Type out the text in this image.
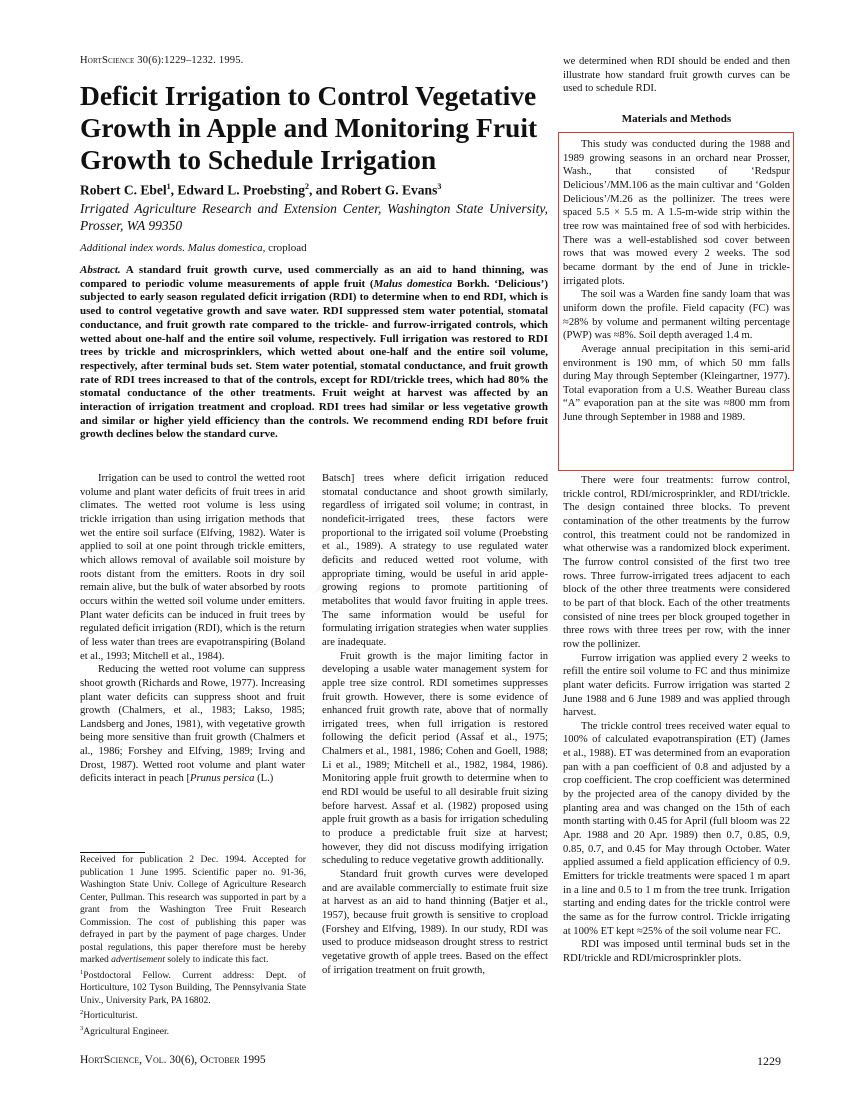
HortScience 30(6):1229–1232. 1995.
Deficit Irrigation to Control Vegetative Growth in Apple and Monitoring Fruit Growth to Schedule Irrigation
Robert C. Ebel$^1$, Edward L. Proebsting$^2$, and Robert G. Evans$^3$
Irrigated Agriculture Research and Extension Center, Washington State University, Prosser, WA 99350
Additional index words. Malus domestica, cropload
Abstract. A standard fruit growth curve, used commercially as an aid to hand thinning, was compared to periodic volume measurements of apple fruit (Malus domestica Borkh. ‘Delicious’) subjected to early season regulated deficit irrigation (RDI) to determine when to end RDI, which is used to control vegetative growth and save water. RDI suppressed stem water potential, stomatal conductance, and fruit growth rate compared to the trickle- and furrow-irrigated controls, which wetted about one-half and the entire soil volume, respectively. Full irrigation was restored to RDI trees by trickle and microsprinklers, which wetted about one-half and the entire soil volume, respectively, after terminal buds set. Stem water potential, stomatal conductance, and fruit growth rate of RDI trees increased to that of the controls, except for RDI/trickle trees, which had 80% the stomatal conductance of the other treatments. Fruit weight at harvest was affected by an interaction of irrigation treatment and cropload. RDI trees had similar or less vegetative growth and similar or higher yield efficiency than the controls. We recommend ending RDI before fruit growth declines below the standard curve.

Irrigation can be used to control the wetted root volume and plant water deficits of fruit trees in arid climates. The wetted root volume is less using trickle irrigation than using irrigation methods that wet the entire soil surface (Elfving, 1982). Water is applied to soil at one point through trickle emitters, which allows removal of available soil moisture by roots distant from the emitters. Roots in dry soil remain alive, but the bulk of water absorbed by roots occurs within the wetted soil volume under emitters. Plant water deficits can be induced in fruit trees by regulated deficit irrigation (RDI), which is the return of less water than trees are evapotranspiring (Boland et al., 1993; Mitchell et al., 1984).

Reducing the wetted root volume can suppress shoot growth (Richards and Rowe, 1977). Increasing plant water deficits can suppress shoot and fruit growth (Chalmers, et al., 1983; Lakso, 1985; Landsberg and Jones, 1981), with vegetative growth being more sensitive than fruit growth (Chalmers et al., 1986; Forshey and Elfving, 1989; Irving and Drost, 1987). Wetted root volume and plant water deficits interact in peach [Prunus persica (L.)

Received for publication 2 Dec. 1994. Accepted for publication 1 June 1995. Scientific paper no. 91-36, Washington State Univ. College of Agriculture Research Center, Pullman. This research was supported in part by a grant from the Washington Tree Fruit Research Commission. The cost of publishing this paper was defrayed in part by the payment of page charges. Under postal regulations, this paper therefore must be hereby marked advertisement solely to indicate this fact.

$^1$Postdoctoral Fellow. Current address: Dept. of Horticulture, 102 Tyson Building, The Pennsylvania State Univ., University Park, PA 16802.

$^2$Horticulturist.

$^3$Agricultural Engineer.

Batsch] trees where deficit irrigation reduced stomatal conductance and shoot growth similarly, regardless of irrigated soil volume; in contrast, in nondeficit-irrigated trees, these factors were proportional to the irrigated soil volume (Proebsting et al., 1989). A strategy to use regulated water deficits and reduced wetted root volume, with appropriate timing, would be useful in arid apple-growing regions to promote partitioning of metabolites that would favor fruiting in apple trees. The same information would be useful for formulating irrigation strategies when water supplies are inadequate.

Fruit growth is the major limiting factor in developing a usable water management system for apple tree size control. RDI sometimes suppresses fruit growth. However, there is some evidence of enhanced fruit growth rate, above that of normally irrigated trees, when full irrigation is restored following the deficit period (Assaf et al., 1975; Chalmers et al., 1981, 1986; Cohen and Goell, 1988; Li et al., 1989; Mitchell et al., 1982, 1984, 1986). Monitoring apple fruit growth to determine when to end RDI would be useful to all desirable fruit sizing before harvest. Assaf et al. (1982) proposed using apple fruit growth as a basis for irrigation scheduling to produce a predictable fruit size at harvest; however, they did not discuss modifying irrigation scheduling to reduce vegetative growth additionally.

Standard fruit growth curves were developed and are available commercially to estimate fruit size at harvest as an aid to hand thinning (Batjer et al., 1957), because fruit growth is sensitive to cropload (Forshey and Elfving, 1989). In our study, RDI was used to produce midseason drought stress to restrict vegetative growth of apple trees. Based on the effect of irrigation treatment on fruit growth,

we determined when RDI should be ended and then illustrate how standard fruit growth curves can be used to schedule RDI.

Materials and Methods

This study was conducted during the 1988 and 1989 growing seasons in an orchard near Prosser, Wash., that consisted of ‘Redspur Delicious’/MM.106 as the main cultivar and ‘Golden Delicious’/M.26 as the pollinizer. The trees were spaced 5.5 × 5.5 m. A 1.5-m-wide strip within the tree row was maintained free of sod with herbicides. There was a well-established sod cover between rows that was mowed every 2 weeks. The sod became dormant by the end of June in trickle-irrigated plots.

The soil was a Warden fine sandy loam that was uniform down the profile. Field capacity (FC) was ≈28% by volume and permanent wilting percentage (PWP) was ≈8%. Soil depth averaged 1.4 m.

Average annual precipitation in this semi-arid environment is 190 mm, of which 50 mm falls during May through September (Kleingartner, 1977). Total evaporation from a U.S. Weather Bureau class “A” evaporation pan at the site was ≈800 mm from June through September in 1988 and 1989.

There were four treatments: furrow control, trickle control, RDI/microsprinkler, and RDI/trickle. The design contained three blocks. To prevent contamination of the other treatments by the furrow control, this treatment could not be randomized in what otherwise was a randomized block experiment. The furrow control consisted of the first two tree rows. Three furrow-irrigated trees adjacent to each block of the other three treatments were considered to be part of that block. Each of the other treatments consisted of nine trees per block grouped together in three rows with three trees per row, with the inner row the pollinizer.

Furrow irrigation was applied every 2 weeks to refill the entire soil volume to FC and thus minimize plant water deficits. Furrow irrigation was started 2 June 1988 and 6 June 1989 and was applied through harvest.

The trickle control trees received water equal to 100% of calculated evapotranspiration (ET) (James et al., 1988). ET was determined from an evaporation pan with a pan coefficient of 0.8 and adjusted by a crop coefficient. The crop coefficient was determined by the projected area of the canopy divided by the planting area and was changed on the 15th of each month starting with 0.45 for April (full bloom was 22 Apr. 1988 and 20 Apr. 1989) then 0.7, 0.85, 0.9, 0.85, 0.7, and 0.45 for May through October. Water applied assumed a field application efficiency of 0.9. Emitters for trickle treatments were spaced 1 m apart in a line and 0.5 to 1 m from the tree trunk. Irrigation starting and ending dates for the trickle control were the same as for the furrow control. Trickle irrigating at 100% ET kept ≈25% of the soil volume near FC.

RDI was imposed until terminal buds set in the RDI/trickle and RDI/microsprinkler plots.

HortScience, Vol. 30(6), October 1995	1229
